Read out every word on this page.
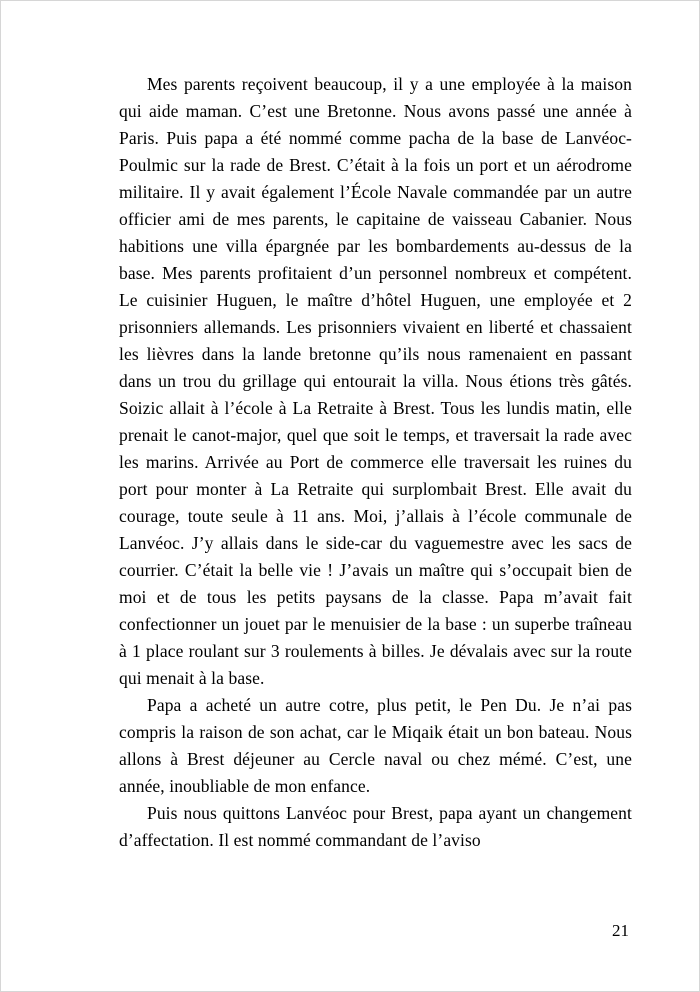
Mes parents reçoivent beaucoup, il y a une employée à la maison qui aide maman. C’est une Bretonne. Nous avons passé une année à Paris. Puis papa a été nommé comme pacha de la base de Lanvéoc-Poulmic sur la rade de Brest. C’était à la fois un port et un aérodrome militaire. Il y avait également l’École Navale commandée par un autre officier ami de mes parents, le capitaine de vaisseau Cabanier. Nous habitions une villa épargnée par les bombardements au-dessus de la base. Mes parents profitaient d’un personnel nombreux et compétent. Le cuisinier Huguen, le maître d’hôtel Huguen, une employée et 2 prisonniers allemands. Les prisonniers vivaient en liberté et chassaient les lièvres dans la lande bretonne qu’ils nous ramenaient en passant dans un trou du grillage qui entourait la villa. Nous étions très gâtés. Soizic allait à l’école à La Retraite à Brest. Tous les lundis matin, elle prenait le canot-major, quel que soit le temps, et traversait la rade avec les marins. Arrivée au Port de commerce elle traversait les ruines du port pour monter à La Retraite qui surplombait Brest. Elle avait du courage, toute seule à 11 ans. Moi, j’allais à l’école communale de Lanvéoc. J’y allais dans le side-car du vaguemestre avec les sacs de courrier. C’était la belle vie ! J’avais un maître qui s’occupait bien de moi et de tous les petits paysans de la classe. Papa m’avait fait confectionner un jouet par le menuisier de la base : un superbe traîneau à 1 place roulant sur 3 roulements à billes. Je dévalais avec sur la route qui menait à la base.

Papa a acheté un autre cotre, plus petit, le Pen Du. Je n’ai pas compris la raison de son achat, car le Miqaik était un bon bateau. Nous allons à Brest déjeuner au Cercle naval ou chez mémé. C’est, une année, inoubliable de mon enfance.

Puis nous quittons Lanvéoc pour Brest, papa ayant un changement d’affectation. Il est nommé commandant de l’aviso

21
